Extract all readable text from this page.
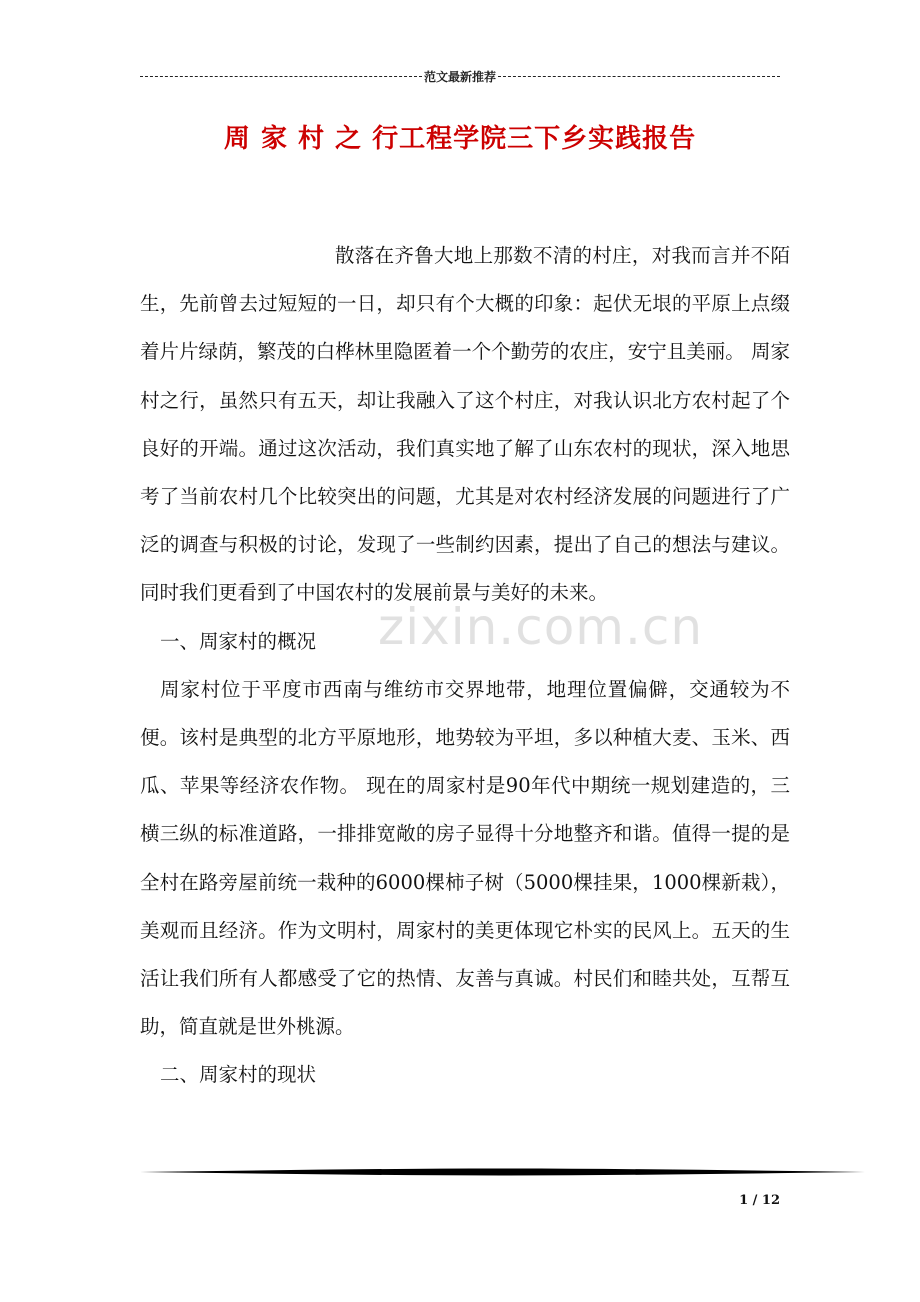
范文最新推荐
周 家 村 之 行工程学院三下乡实践报告

散落在齐鲁大地上那数不清的村庄，对我而言并不陌生，先前曾去过短短的一日，却只有个大概的印象：起伏无垠的平原上点缀着片片绿荫，繁茂的白桦林里隐匿着一个个勤劳的农庄，安宁且美丽。 周家村之行，虽然只有五天，却让我融入了这个村庄，对我认识北方农村起了个良好的开端。通过这次活动，我们真实地了解了山东农村的现状，深入地思考了当前农村几个比较突出的问题，尤其是对农村经济发展的问题进行了广泛的调查与积极的讨论，发现了一些制约因素，提出了自己的想法与建议。同时我们更看到了中国农村的发展前景与美好的未来。

一、周家村的概况

周家村位于平度市西南与维纺市交界地带，地理位置偏僻，交通较为不便。该村是典型的北方平原地形，地势较为平坦，多以种植大麦、玉米、西瓜、苹果等经济农作物。 现在的周家村是90年代中期统一规划建造的，三横三纵的标准道路，一排排宽敞的房子显得十分地整齐和谐。值得一提的是全村在路旁屋前统一栽种的6000棵柿子树（5000棵挂果，1000棵新栽），美观而且经济。作为文明村，周家村的美更体现它朴实的民风上。五天的生活让我们所有人都感受了它的热情、友善与真诚。村民们和睦共处，互帮互助，简直就是世外桃源。

二、周家村的现状

zixin.com.cn
1 / 12
